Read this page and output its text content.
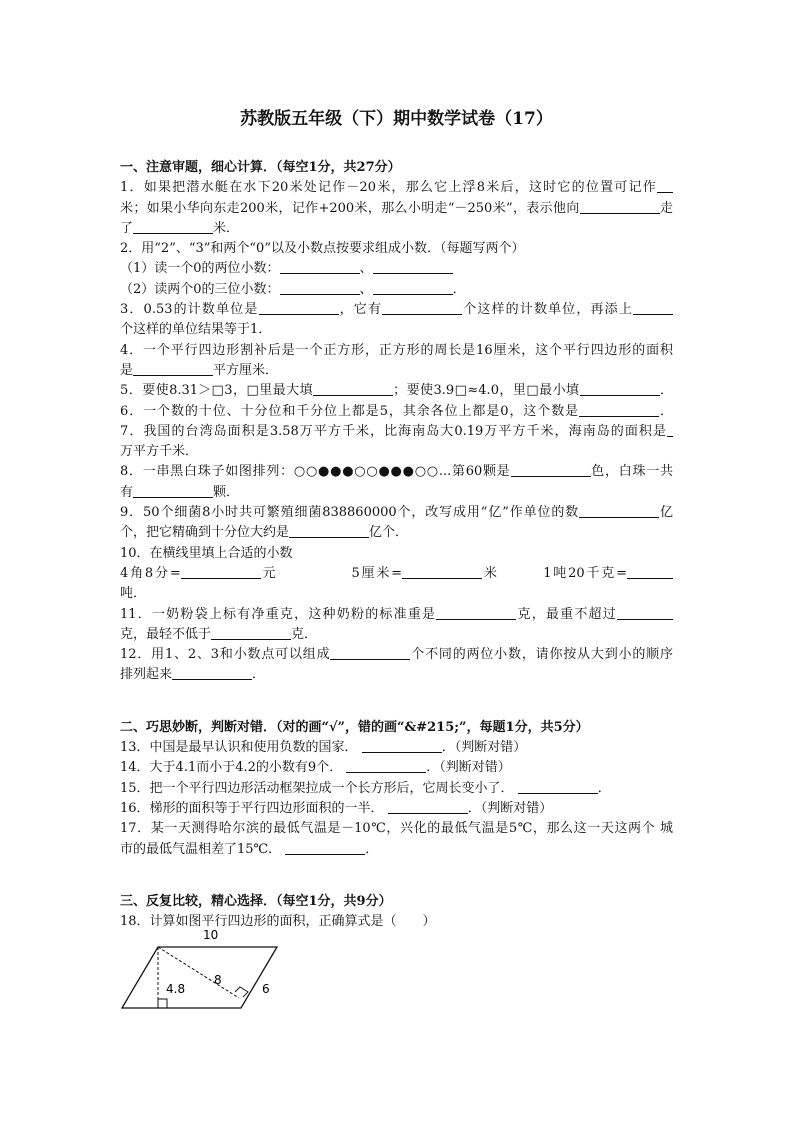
苏教版五年级（下）期中数学试卷（17）
一、注意审题，细心计算．（每空1分，共27分）
1．如果把潜水艇在水下20米处记作－20米，那么它上浮8米后，这时它的位置可记作
米；如果小华向东走200米，记作+200米，那么小明走“－250米”，表示他向	走
了	米．
2．用“2”、“3”和两个“0”以及小数点按要求组成小数．（每题写两个）
（1）读一个0的两位小数：	、
（2）读两个0的三位小数：	、	．
3．0.53的计数单位是	，它有	个这样的计数单位，再添上
个这样的单位结果等于1．
4．一个平行四边形割补后是一个正方形，正方形的周长是16厘米，这个平行四边形的面积
是	平方厘米．
5．要使8.31＞□3，□里最大填	；要使3.9□≈4.0，里□最小填	．
6．一个数的十位、十分位和千分位上都是5，其余各位上都是0，这个数是	．
7．我国的台湾岛面积是3.58万平方千米，比海南岛大0.19万平方千米，海南岛的面积是
万平方千米．
8．一串黑白珠子如图排列：○○●●●○○●●●○○...第60颗是	色，白珠一共
有	颗．
9．50个细菌8小时共可繁殖细菌838860000个，改写成用“亿”作单位的数	亿
个，把它精确到十分位大约是	亿个．
10．在横线里填上合适的小数
4角8分=	元　　　　　5厘米=	米　　　1吨20千克=
吨．
11．一奶粉袋上标有净重克，这种奶粉的标准重是	克，最重不超过
克，最轻不低于	克．
12．用1、2、3和小数点可以组成	个不同的两位小数，请你按从大到小的顺序
排列起来	．
二、巧思妙断，判断对错．（对的画“√”，错的画“&#215;”，每题1分，共5分）
13．中国是最早认识和使用负数的国家．	．（判断对错）
14．大于4.1而小于4.2的小数有9个．	．（判断对错）
15．把一个平行四边形活动框架拉成一个长方形后，它周长变小了．	．
16．梯形的面积等于平行四边形面积的一半．	．（判断对错）
17．某一天测得哈尔滨的最低气温是－10℃，兴化的最低气温是5℃，那么这一天这两个 城
市的最低气温相差了15℃．	．
三、反复比较，精心选择．（每空1分，共9分）
18．计算如图平行四边形的面积，正确算式是（　　）
10
8
4.8	6
